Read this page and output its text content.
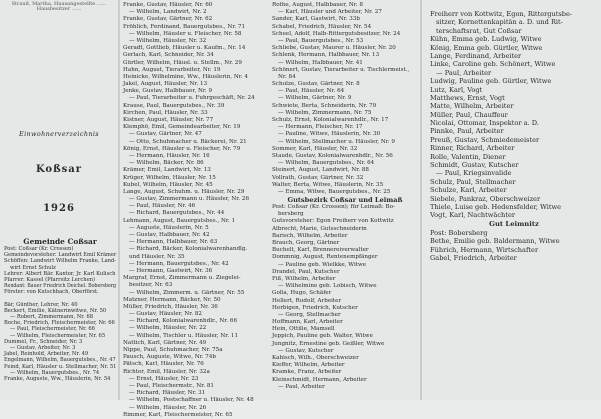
Strauß, Martha, Hausangestellte ......
Hausbesitzer ......
Einwohnerverzeichnis
Koßsar
1926
Gemeinde Coßsar
Post: Coßsar (Kr. Crossen)
Gemeindevorsteher: Landwirt Emil Krämer
Schöffen: Landwirt Wilhelm Franke, Land-
wirt Ernst Schulz
Lehrer: Albert Bär. Kantor, Jr. Karl Kulisch
Pfarrer: Kassel (Pfarrsitz Lerchen)
Rendant: Bauer Friedrich Deichel. Bobersberg
Förster: von Kutschbach, Oberförst.
Bär, Günther, Lehrer, Nr. 40
Beckert, Emilie, Kätnerinwitwe, Nr. 50
— Robert, Zimmermann, Nr. 68
Boche, Friedrich, Fleischermeister, Nr. 66
— Paul, Fleischermeister, Nr. 66
— Wilhelm, Fleischermeister, Nr. 65
Dummel, Fr., Schneider, Nr. 3
— Gustav, Arbeiter, Nr. 3
Jabel, Reinhold, Arbeiter, Nr. 49
Engelmann, Wilhelm, Bauergutsbes., Nr. 47
Feind, Karl, Häusler u. Stellmacher, Nr. 51
— Wilhelm, Bauergutsbes., Nr. 74
Franke, Auguste, Ww., Häuslerin, Nr. 54
Franke, Gustav, Häusler, Nr. 60
— Wilhelm, Landwirt, Nr. 2
Franke, Gustav, Gärtner, Nr. 62
Fröhlich, Ferdinand, Bauergutsbes., Nr. 71
— Wilhelm, Häusler u. Fleischer, Nr. 58
— Wilhelm, Häusler, Nr. 32
Geradt, Gottlieb, Häusler u. Kaufm., Nr. 14
Gerlach, Karl, Schneider, Nr. 34
Gürtler, Wilhelm, Häusl. u. Stellm., Nr. 29
Hahn, August, Tierarbeiter, Nr. 19
Heinicke, Wilhelmine, Ww., Häuslerin, Nr. 4
Jakel, August, Häusler, Nr. 13
Jenke, Gustav, Halbbauer, Nr. 9
— Paul, Tierarbeiter u. Fuhrgeschäft, Nr. 24
Krause, Paul, Bauergutsbes., Nr. 39
Kirchen, Paul, Häusler, Nr. 33
Kistner, August, Häusler, Nr. 77
Klemphö, Emil, Gemeindearbeiter, Nr. 19
— Gustav, Gärtner, Nr. 47
— Otto, Schuhmacher u. Bäckerei, Nr. 21
König, Ernst, Häusler u. Fleischer, Nr. 79
— Hermann, Häusler, Nr. 16
— Wilhelm, Bäcker, Nr. 86
Krämer, Emil, Landwirt, Nr. 13
Krüger, Wilhelm, Häusler, Nr. 15
Kubel, Wilhelm, Häusler, Nr. 45
Lange, August, Schuhm. u. Häusler, Nr. 29
— Gustav, Zimmermann u. Häusler, Nr. 26
— Paul, Häusler, Nr. 46
— Richard, Bauergutsbes., Nr. 44
Lehmann, August, Bauergutsbes., Nr. 1
— Auguste, Häuslerin, Nr. 5
— Gustav, Halbbauer, Nr. 42
— Hermann, Halbbauer, Nr. 63
— Richard, Bäcker, Kolonialwarenhandlg.
und Häusler, Nr. 35
— Hermann, Bauergutsbes., Nr. 42
— Hermann, Gastwirt, Nr. 36
Margraf, Ernst, Zimmermann u. Ziegelei-
besitzer, Nr. 63
— Wilhelm, Zimmerm. u. Gärtner, Nr. 55
Matzner, Hermann, Bäcker, Nr. 50
Müller, Friedrich, Häusler, Nr. 36
— Gustav, Häusler, Nr. 82
— Richard, Kolonialwarenhdlr., Nr. 66
— Wilhelm, Häusler, Nr. 22
— Wilhelm, Tischler u. Häusler, Nr. 11
Nattich, Karl, Gärtner, Nr. 49
Nippe, Paul, Schuhmacher, Nr. 75a
Pausch, Auguste, Witwe, Nr. 74b
Pätsch, Karl, Häusler, Nr. 76
Richter, Emil, Häusler, Nr. 32a
— Ernst, Häusler, Nr. 23
— Paul, Fleischermstr., Nr. 81
— Richard, Häusler, Nr. 31
— Wilhelm, Postschaffner u. Häusler, Nr. 48
— Wilhelm, Häusler, Nr. 26
Rimmer, Karl, Fleischermeister, Nr. 65
Rothe, August, Halbbauer, Nr. 8
— Karl, Häusler und Arbeiter, Nr. 27
Sander, Karl, Gastwirt, Nr. 33b
Schabel, Friedrich, Häusler, Nr. 54
Scheel, Adolf, Halb-Rittergutsbesitzer, Nr. 24
— Paul, Bauergutsbes., Nr. 53
Schliebe, Gustav, Maurer u. Häusler, Nr. 20
Schlenk, Hermann, Halbbauer, Nr. 13
— Wilhelm, Halbbauer, Nr. 41
Schönert, Gustav, Tierarbeiter u. Tischlermeist.,
Nr. 84
Schulze, Gustav, Gärtner, Nr. 8
— Paul, Häusler, Nr. 64
— Wilhelm, Gärtner, Nr. 9
Schwiete, Berta, Schneiderin, Nr. 79
— Wilhelm, Zimmermann, Nr. 75
Schulz, Ernst, Kolonialwarenhdlr., Nr. 17
— Hermann, Fleischer, Nr. 17
— Pauline, Witwe, Häuslerin, Nr. 30
— Wilhelm, Stellmacher u. Häusler, Nr. 9
Sommer, Karl, Häusler, Nr. 32
Staude, Gustav, Kolonialwarenhdlr., Nr. 56
— Wilhelm, Bauergutsbes., Nr. 64
Steinert, August, Landwirt, Nr. 88
Vollrath, Gustav, Gärtner, Nr. 32
Walter, Berta, Witwe, Häuslerin, Nr. 35
— Emma, Witwe, Bauergutsbes., Nr. 25
Gutsbezirk Coßsar und Leimaß
Post: Coßsar (Kr. Crossen); für Leimaß: Bo-
bersberg
Gutsvorsteher: Egon Freiherr von Kottwitz
Albrecht, Marie, Gutsschneiderin
Barisch, Wilhelm, Arbeiter
Brauch, Georg, Gärtner
Buchelt, Karl, Brennereiverwalter
Dommnig, August, Rentenempfänger
— Pauline geb. Wielkke, Witwe
Drandel, Paul, Kutscher
Fiß, Wilhelm, Arbeiter
— Wilhelmine geb. Lobisch, Witwe
Golla, Hugo, Schäfer
Hellert, Rudolf, Arbeiter
Herbigen, Friedrich, Kutscher
— Georg, Stellmacher
Hoffmann, Karl, Arbeiter
Hein, Ottilie, Mamsell
Jeppich, Pauline geb. Walter, Witwe
Jungnitz, Ernestine geb. Geißler, Witwe
— Gustav, Kutscher
Kabisch, Wilh., Oberschweizer
Kieffer, Wilhelm, Arbeiter
Kramke, Franz, Arbeiter
Kleinschmidt, Hermann, Arbeiter
— Paul, Arbeiter
Freiherr von Kottwitz, Egon, Rittergutsbe-
sitzer, Kornettenkapitän a. D. und Rit-
terschaftsrat, Gut Coßsar
Kühn, Emma geb. Ludwig, Witwe
König, Emma geb. Gürtler, Witwe
Lange, Ferdinand, Arbeiter
Linke, Caroline geb. Schönert, Witwe
— Paul, Arbeiter
Ludwig, Pauline geb. Gürtler, Witwe
Lutz, Karl, Vogt
Matthews, Ernst, Vogt
Matte, Wilhelm, Arbeiter
Müller, Paul, Chauffeur
Nicolai, Ottomar, Inspektor a. D.
Pinnke, Paul, Arbeiter
Preuß, Gustav, Schmiedemeister
Rinner, Richard, Arbeiter
Rolle, Valentin, Diener
Schmidt, Gustav, Kutscher
— Paul, Kriegsinvalide
Schulz, Paul, Stellmacher
Schulze, Karl, Arbeiter
Siebele, Pankraz, Oberschweizer
Thiele, Luise geb. Hedensfelder, Witwe
Vogt, Karl, Nachtwächter
Gut Leimnitz
Post: Bobersberg
Bethe, Emilie geb. Baldermann, Witwe
Führich, Hermann, Wirtschafter
Gabel, Friedrich, Arbeiter
